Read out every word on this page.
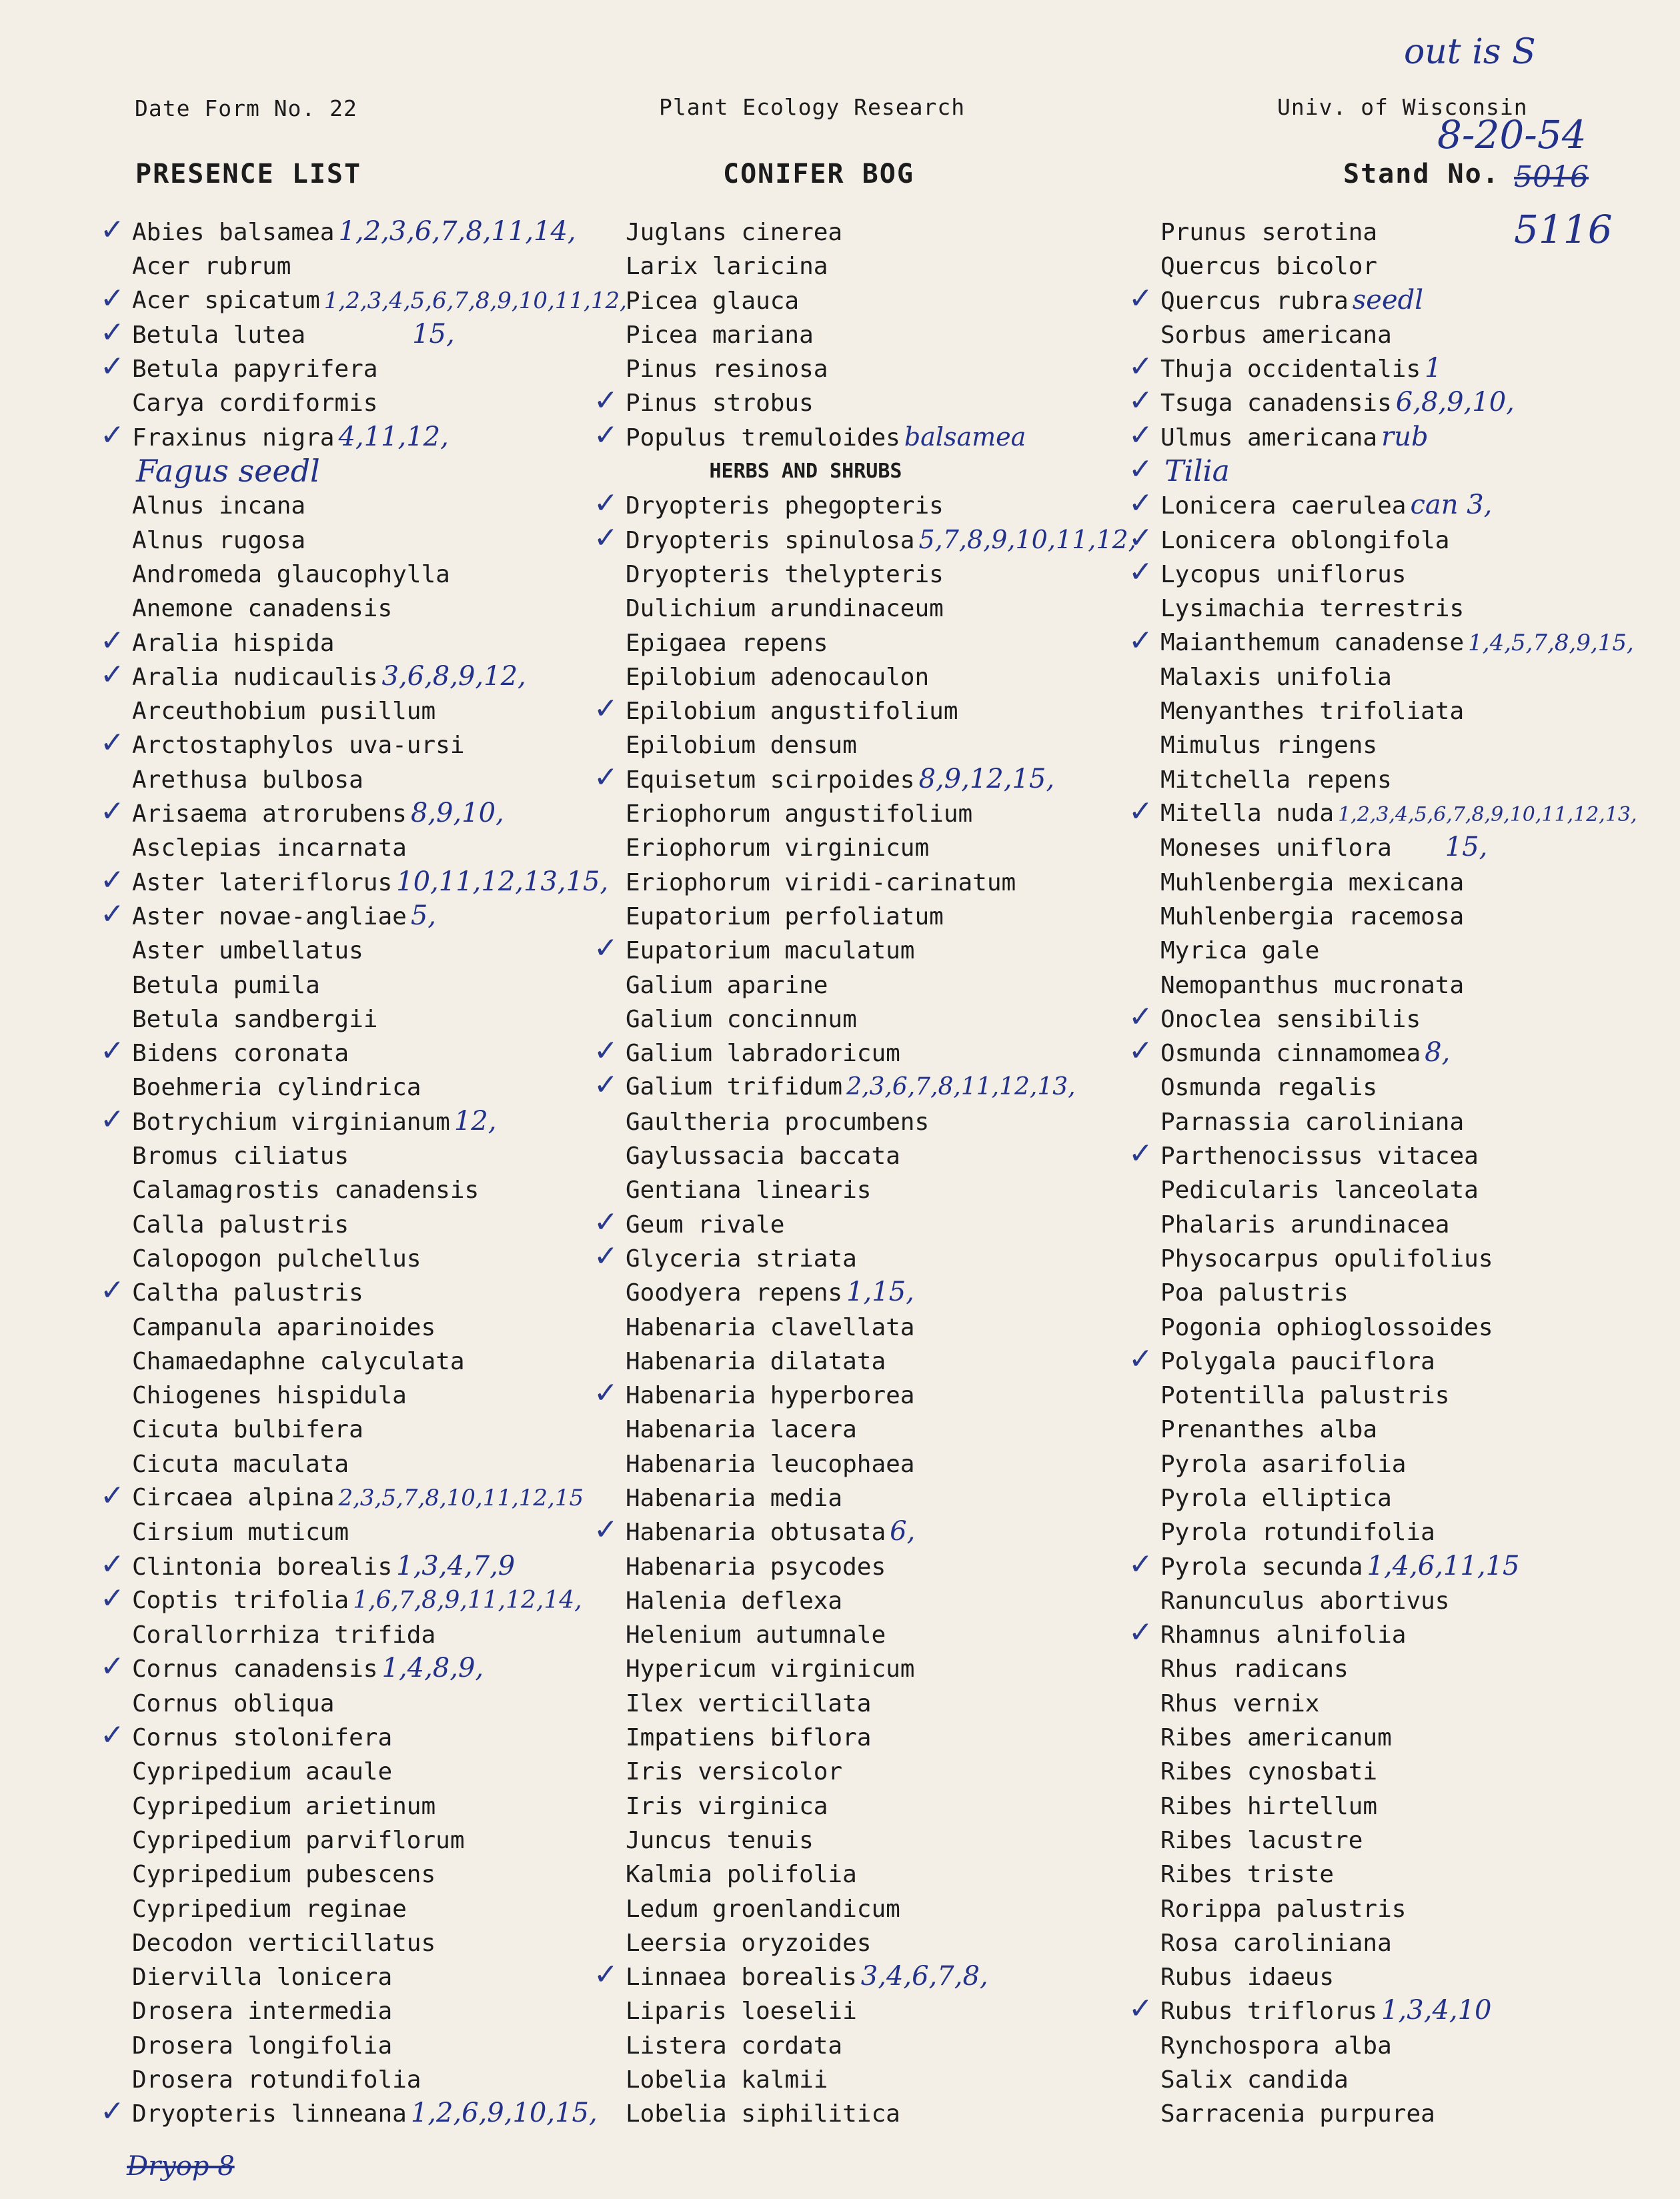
Date Form No. 22	Plant Ecology Research	Univ. of Wisconsin
PRESENCE LIST	CONIFER BOG	Stand No.
out is S
8-20-54
5016
5116
✓ Abies balsamea 1,2,3,6,7,8,11,14,
Acer rubrum
✓ Acer spicatum 1,2,3,4,5,6,7,8,9,10,11,12,
✓ Betula lutea	15,
✓ Betula papyrifera
Carya cordiformis
✓ Fraxinus nigra 4,11,12,
Fagus seedl
Alnus incana
Alnus rugosa
Andromeda glaucophylla
Anemone canadensis
✓ Aralia hispida
✓ Aralia nudicaulis 3,6,8,9,12,
Arceuthobium pusillum
✓ Arctostaphylos uva-ursi
Arethusa bulbosa
✓ Arisaema atrorubens 8,9,10,
Asclepias incarnata
✓ Aster lateriflorus 10,11,12,13,15,
✓ Aster novae-angliae 5,
Aster umbellatus
Betula pumila
Betula sandbergii
✓ Bidens coronata
Boehmeria cylindrica
✓ Botrychium virginianum 12,
Bromus ciliatus
Calamagrostis canadensis
Calla palustris
Calopogon pulchellus
✓ Caltha palustris
Campanula aparinoides
Chamaedaphne calyculata
Chiogenes hispidula
Cicuta bulbifera
Cicuta maculata
✓ Circaea alpina 2,3,5,7,8,10,11,12,15
Cirsium muticum
✓ Clintonia borealis 1,3,4,7,9
✓ Coptis trifolia 1,6,7,8,9,11,12,14,
Corallorrhiza trifida
✓ Cornus canadensis 1,4,8,9,
Cornus obliqua
✓ Cornus stolonifera
Cypripedium acaule
Cypripedium arietinum
Cypripedium parviflorum
Cypripedium pubescens
Cypripedium reginae
Decodon verticillatus
Diervilla lonicera
Drosera intermedia
Drosera longifolia
Drosera rotundifolia
✓ Dryopteris linneana 1,2,6,9,10,15,
Juglans cinerea
Larix laricina
Picea glauca
Picea mariana
Pinus resinosa
✓ Pinus strobus
✓ Populus tremuloides balsamea
HERBS AND SHRUBS
✓ Dryopteris phegopteris
✓ Dryopteris spinulosa 5,7,8,9,10,11,12,
Dryopteris thelypteris
Dulichium arundinaceum
Epigaea repens
Epilobium adenocaulon
✓ Epilobium angustifolium
Epilobium densum
✓ Equisetum scirpoides 8,9,12,15,
Eriophorum angustifolium
Eriophorum virginicum
Eriophorum viridi-carinatum
Eupatorium perfoliatum
✓ Eupatorium maculatum
Galium aparine
Galium concinnum
✓ Galium labradoricum
✓ Galium trifidum 2,3,6,7,8,11,12,13,
Gaultheria procumbens
Gaylussacia baccata
Gentiana linearis
✓ Geum rivale
✓ Glyceria striata
Goodyera repens 1,15,
Habenaria clavellata
Habenaria dilatata
✓ Habenaria hyperborea
Habenaria lacera
Habenaria leucophaea
Habenaria media
✓ Habenaria obtusata 6,
Habenaria psycodes
Halenia deflexa
Helenium autumnale
Hypericum virginicum
Ilex verticillata
Impatiens biflora
Iris versicolor
Iris virginica
Juncus tenuis
Kalmia polifolia
Ledum groenlandicum
Leersia oryzoides
✓ Linnaea borealis 3,4,6,7,8,
Liparis loeselii
Listera cordata
Lobelia kalmii
Lobelia siphilitica
Prunus serotina
Quercus bicolor
✓ Quercus rubra seedl
Sorbus americana
✓ Thuja occidentalis 1
✓ Tsuga canadensis 6,8,9,10,
✓ Ulmus americana rub
✓ Tilia
✓ Lonicera caerulea can 3,
✓ Lonicera oblongifola
✓ Lycopus uniflorus
Lysimachia terrestris
✓ Maianthemum canadense 1,4,5,7,8,9,15,
Malaxis unifolia
Menyanthes trifoliata
Mimulus ringens
Mitchella repens
✓ Mitella nuda 1,2,3,4,5,6,7,8,9,10,11,12,13,
Moneses uniflora 15,
Muhlenbergia mexicana
Muhlenbergia racemosa
Myrica gale
Nemopanthus mucronata
✓ Onoclea sensibilis
✓ Osmunda cinnamomea 8,
Osmunda regalis
Parnassia caroliniana
✓ Parthenocissus vitacea
Pedicularis lanceolata
Phalaris arundinacea
Physocarpus opulifolius
Poa palustris
Pogonia ophioglossoides
✓ Polygala pauciflora
Potentilla palustris
Prenanthes alba
Pyrola asarifolia
Pyrola elliptica
Pyrola rotundifolia
✓ Pyrola secunda 1,4,6,11,15
Ranunculus abortivus
✓ Rhamnus alnifolia
Rhus radicans
Rhus vernix
Ribes americanum
Ribes cynosbati
Ribes hirtellum
Ribes lacustre
Ribes triste
Rorippa palustris
Rosa caroliniana
Rubus idaeus
✓ Rubus triflorus 1,3,4,10
Rynchospora alba
Salix candida
Sarracenia purpurea
Dryop 8
